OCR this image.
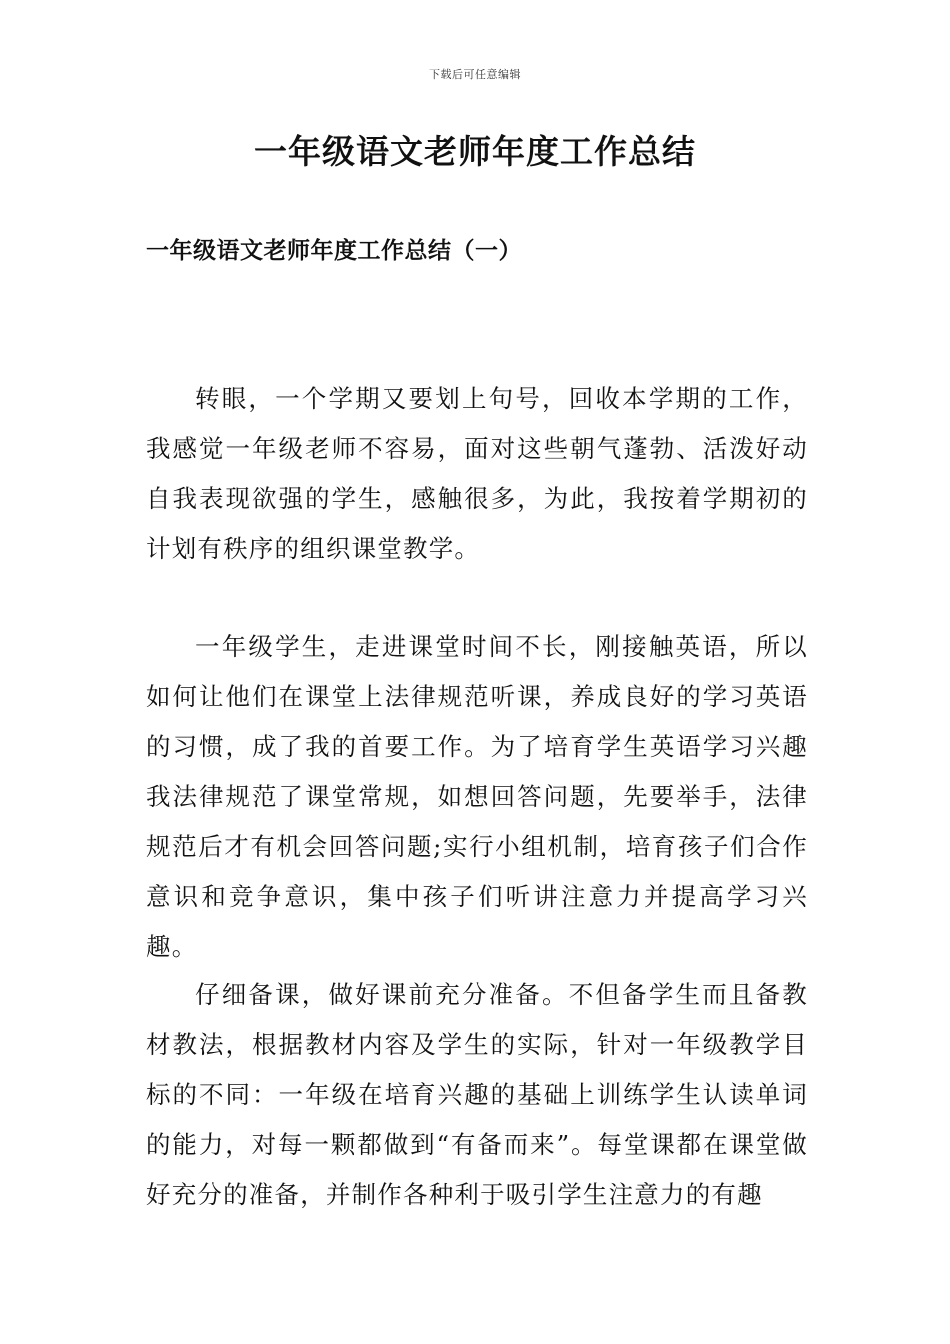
下载后可任意编辑
一年级语文老师年度工作总结
一年级语文老师年度工作总结（一）

转眼，一个学期又要划上句号，回收本学期的工作，我感觉一年级老师不容易，面对这些朝气蓬勃、活泼好动自我表现欲强的学生，感触很多，为此，我按着学期初的计划有秩序的组织课堂教学。

一年级学生，走进课堂时间不长，刚接触英语，所以如何让他们在课堂上法律规范听课，养成良好的学习英语的习惯，成了我的首要工作。为了培育学生英语学习兴趣我法律规范了课堂常规，如想回答问题，先要举手，法律规范后才有机会回答问题;实行小组机制，培育孩子们合作意识和竞争意识，集中孩子们听讲注意力并提高学习兴趣。

仔细备课，做好课前充分准备。不但备学生而且备教材教法，根据教材内容及学生的实际，针对一年级教学目标的不同：一年级在培育兴趣的基础上训练学生认读单词的能力，对每一颗都做到“有备而来”。每堂课都在课堂做好充分的准备，并制作各种利于吸引学生注意力的有趣
